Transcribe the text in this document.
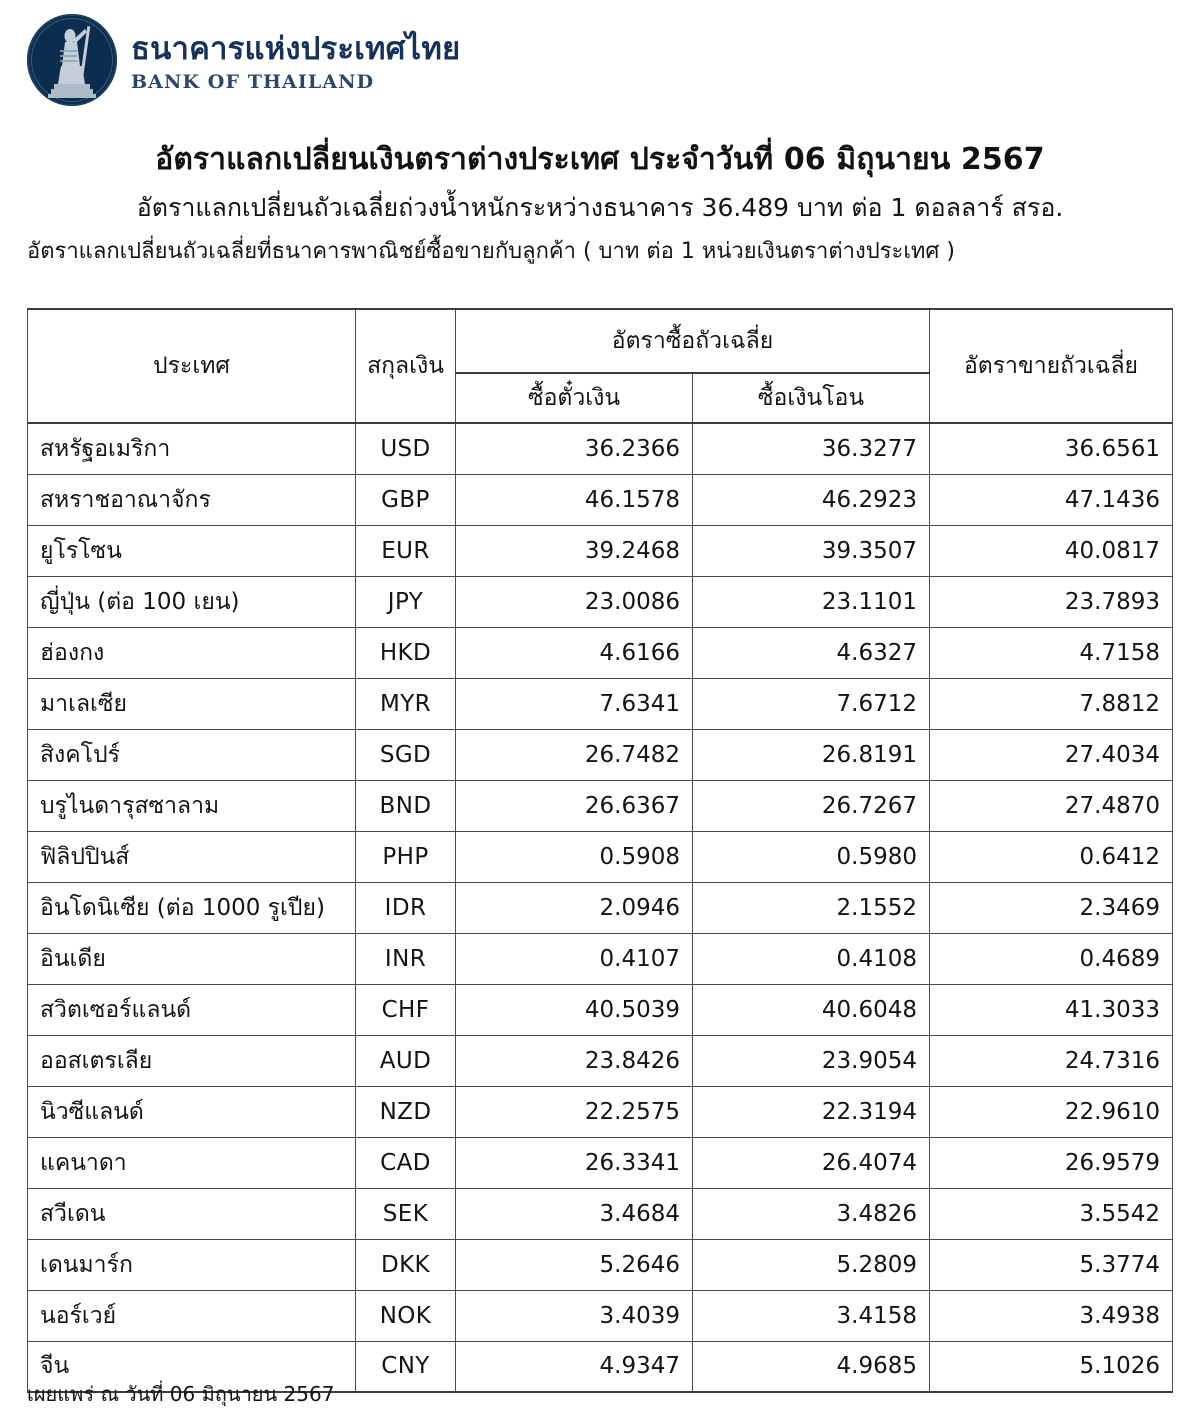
ธนาคารแห่งประเทศไทย
BANK OF THAILAND
อัตราแลกเปลี่ยนเงินตราต่างประเทศ ประจำวันที่ 06 มิถุนายน 2567
อัตราแลกเปลี่ยนถัวเฉลี่ยถ่วงน้ำหนักระหว่างธนาคาร 36.489 บาท ต่อ 1 ดอลลาร์ สรอ.
อัตราแลกเปลี่ยนถัวเฉลี่ยที่ธนาคารพาณิชย์ซื้อขายกับลูกค้า ( บาท ต่อ 1 หน่วยเงินตราต่างประเทศ )
ประเทศ	สกุลเงิน	อัตราซื้อถัวเฉลี่ย		อัตราขายถัวเฉลี่ย
		ซื้อตั๋วเงิน	ซื้อเงินโอน	
สหรัฐอเมริกา	USD	36.2366	36.3277	36.6561
สหราชอาณาจักร	GBP	46.1578	46.2923	47.1436
ยูโรโซน	EUR	39.2468	39.3507	40.0817
ญี่ปุ่น (ต่อ 100 เยน)	JPY	23.0086	23.1101	23.7893
ฮ่องกง	HKD	4.6166	4.6327	4.7158
มาเลเซีย	MYR	7.6341	7.6712	7.8812
สิงคโปร์	SGD	26.7482	26.8191	27.4034
บรูไนดารุสซาลาม	BND	26.6367	26.7267	27.4870
ฟิลิปปินส์	PHP	0.5908	0.5980	0.6412
อินโดนิเซีย (ต่อ 1000 รูเปีย)	IDR	2.0946	2.1552	2.3469
อินเดีย	INR	0.4107	0.4108	0.4689
สวิตเซอร์แลนด์	CHF	40.5039	40.6048	41.3033
ออสเตรเลีย	AUD	23.8426	23.9054	24.7316
นิวซีแลนด์	NZD	22.2575	22.3194	22.9610
แคนาดา	CAD	26.3341	26.4074	26.9579
สวีเดน	SEK	3.4684	3.4826	3.5542
เดนมาร์ก	DKK	5.2646	5.2809	5.3774
นอร์เวย์	NOK	3.4039	3.4158	3.4938
จีน	CNY	4.9347	4.9685	5.1026
เผยแพร่ ณ วันที่ 06 มิถุนายน 2567
